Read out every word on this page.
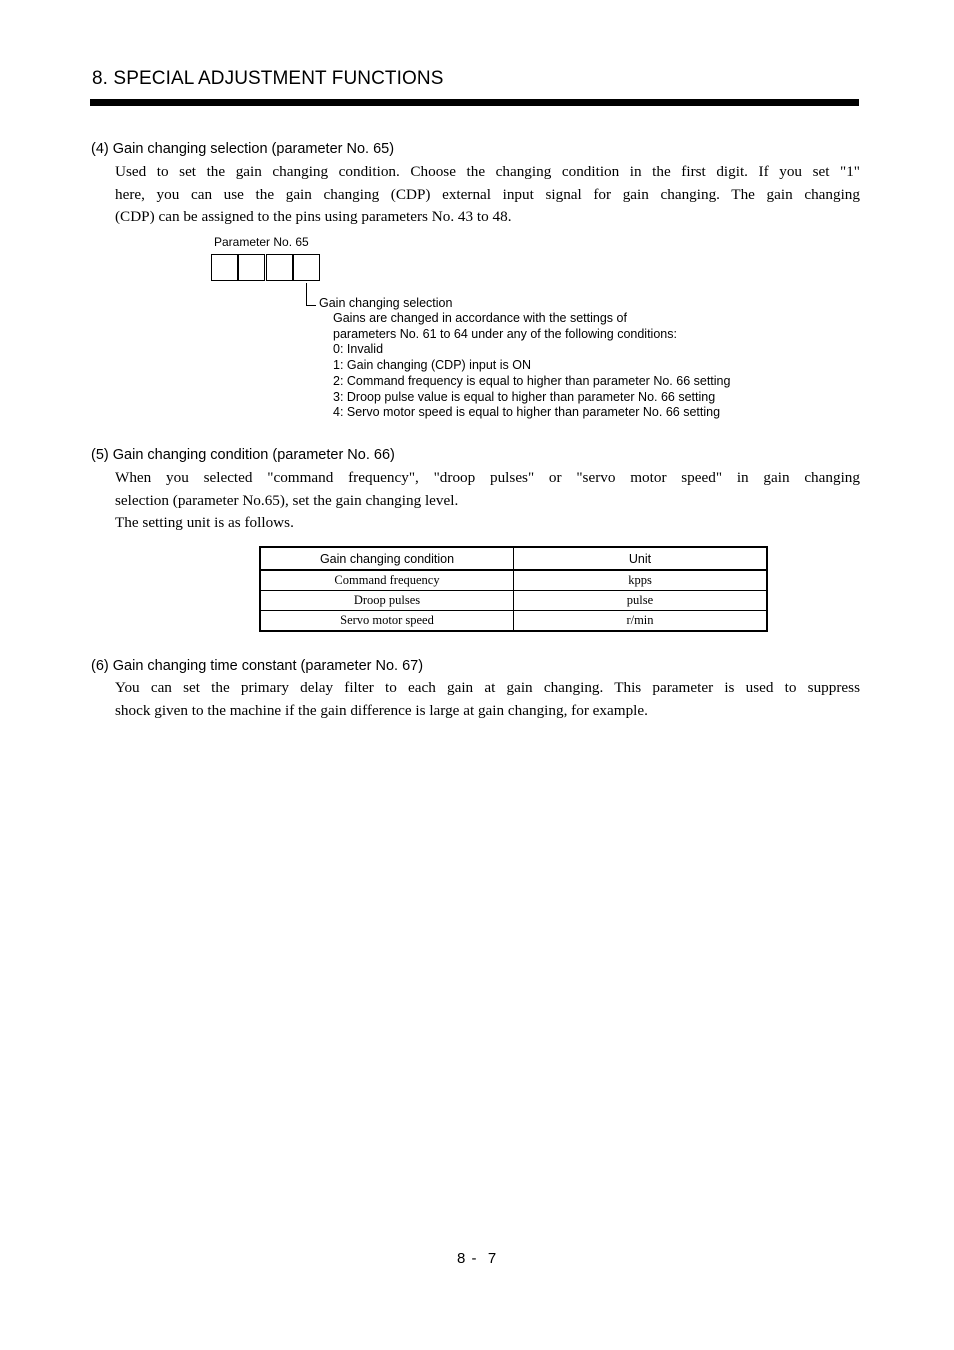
8. SPECIAL ADJUSTMENT FUNCTIONS
(4) Gain changing selection (parameter No. 65)
Used to set the gain changing condition. Choose the changing condition in the first digit. If you set "1"
here, you can use the gain changing (CDP) external input signal for gain changing. The gain changing
(CDP) can be assigned to the pins using parameters No. 43 to 48.
Parameter No. 65
Gain changing selection
Gains are changed in accordance with the settings of
parameters No. 61 to 64 under any of the following conditions:
0: Invalid
1: Gain changing (CDP) input is ON
2: Command frequency is equal to higher than parameter No. 66 setting
3: Droop pulse value is equal to higher than parameter No. 66 setting
4: Servo motor speed is equal to higher than parameter No. 66 setting
(5) Gain changing condition (parameter No. 66)
When you selected "command frequency", "droop pulses" or "servo motor speed" in gain changing
selection (parameter No.65), set the gain changing level.
The setting unit is as follows.
Gain changing condition	Unit
Command frequency	kpps
Droop pulses	pulse
Servo motor speed	r/min
(6) Gain changing time constant (parameter No. 67)
You can set the primary delay filter to each gain at gain changing. This parameter is used to suppress
shock given to the machine if the gain difference is large at gain changing, for example.
8 -  7
